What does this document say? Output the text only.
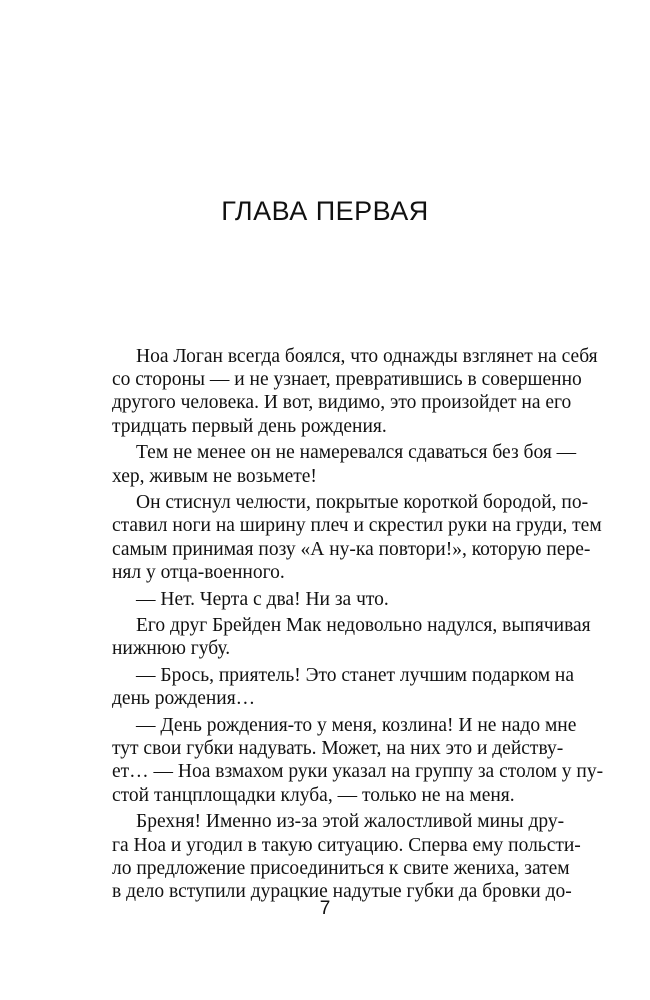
ГЛАВА ПЕРВАЯ
Ноа Логан всегда боялся, что однажды взглянет на себя
со стороны — и не узнает, превратившись в совершенно
другого человека. И вот, видимо, это произойдет на его
тридцать первый день рождения.
Тем не менее он не намеревался сдаваться без боя —
хер, живым не возьмете!
Он стиснул челюсти, покрытые короткой бородой, по-
ставил ноги на ширину плеч и скрестил руки на груди, тем
самым принимая позу «А ну-ка повтори!», которую пере-
нял у отца-военного.
— Нет. Черта с два! Ни за что.
Его друг Брейден Мак недовольно надулся, выпячивая
нижнюю губу.
— Брось, приятель! Это станет лучшим подарком на
день рождения…
— День рождения-то у меня, козлина! И не надо мне
тут свои губки надувать. Может, на них это и действу-
ет… — Ноа взмахом руки указал на группу за столом у пу-
стой танцплощадки клуба, — только не на меня.
Брехня! Именно из-за этой жалостливой мины дру-
га Ноа и угодил в такую ситуацию. Сперва ему польсти-
ло предложение присоединиться к свите жениха, затем
в дело вступили дурацкие надутые губки да бровки до-
7
